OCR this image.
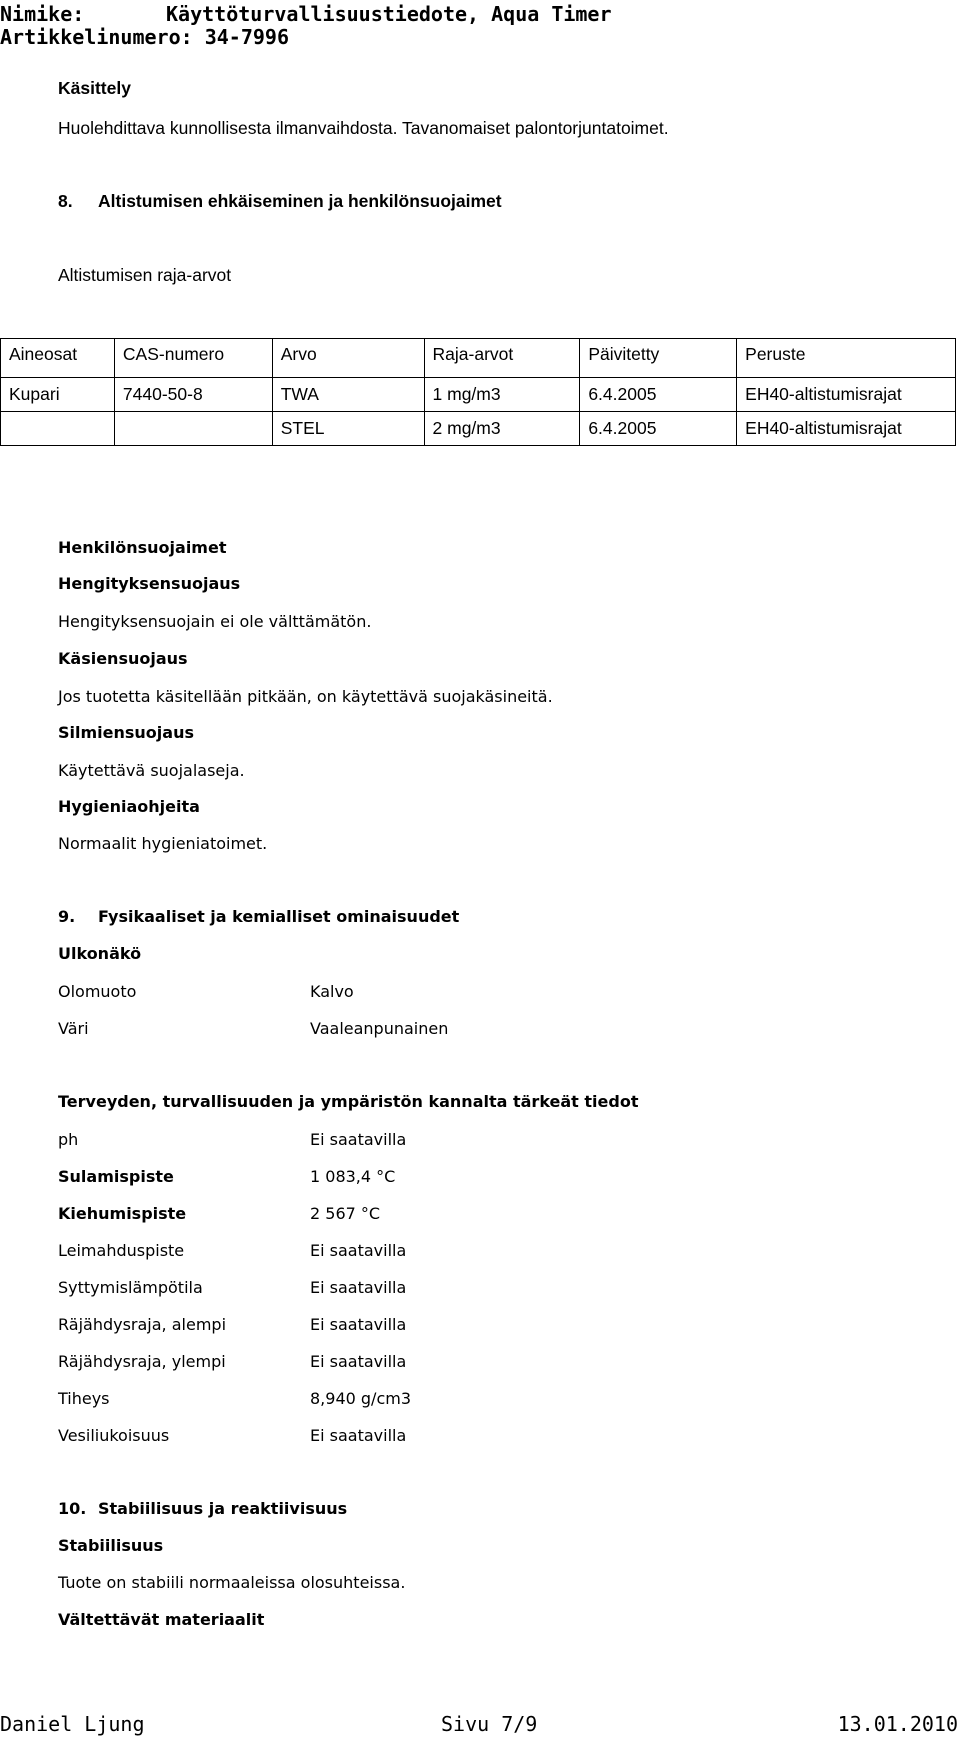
Nimike:	Käyttöturvallisuustiedote, Aqua Timer
Artikkelinumero: 34-7996
Käsittely
Huolehdittava kunnollisesta ilmanvaihdosta. Tavanomaiset palontorjuntatoimet.
8. Altistumisen ehkäiseminen ja henkilönsuojaimet
Altistumisen raja-arvot
Aineosat	CAS-numero	Arvo	Raja-arvot	Päivitetty	Peruste
Kupari	7440-50-8	TWA	1 mg/m3	6.4.2005	EH40-altistumisrajat
		STEL	2 mg/m3	6.4.2005	EH40-altistumisrajat
Henkilönsuojaimet
Hengityksensuojaus
Hengityksensuojain ei ole välttämätön.
Käsiensuojaus
Jos tuotetta käsitellään pitkään, on käytettävä suojakäsineitä.
Silmiensuojaus
Käytettävä suojalaseja.
Hygieniaohjeita
Normaalit hygieniatoimet.
9. Fysikaaliset ja kemialliset ominaisuudet
Ulkonäkö
Olomuoto	Kalvo
Väri	Vaaleanpunainen
Terveyden, turvallisuuden ja ympäristön kannalta tärkeät tiedot
ph	Ei saatavilla
Sulamispiste	1 083,4 °C
Kiehumispiste	2 567 °C
Leimahduspiste	Ei saatavilla
Syttymislämpötila	Ei saatavilla
Räjähdysraja, alempi	Ei saatavilla
Räjähdysraja, ylempi	Ei saatavilla
Tiheys	8,940 g/cm3
Vesiliukoisuus	Ei saatavilla
10. Stabiilisuus ja reaktiivisuus
Stabiilisuus
Tuote on stabiili normaaleissa olosuhteissa.
Vältettävät materiaalit
Daniel Ljung	Sivu 7/9	13.01.2010
